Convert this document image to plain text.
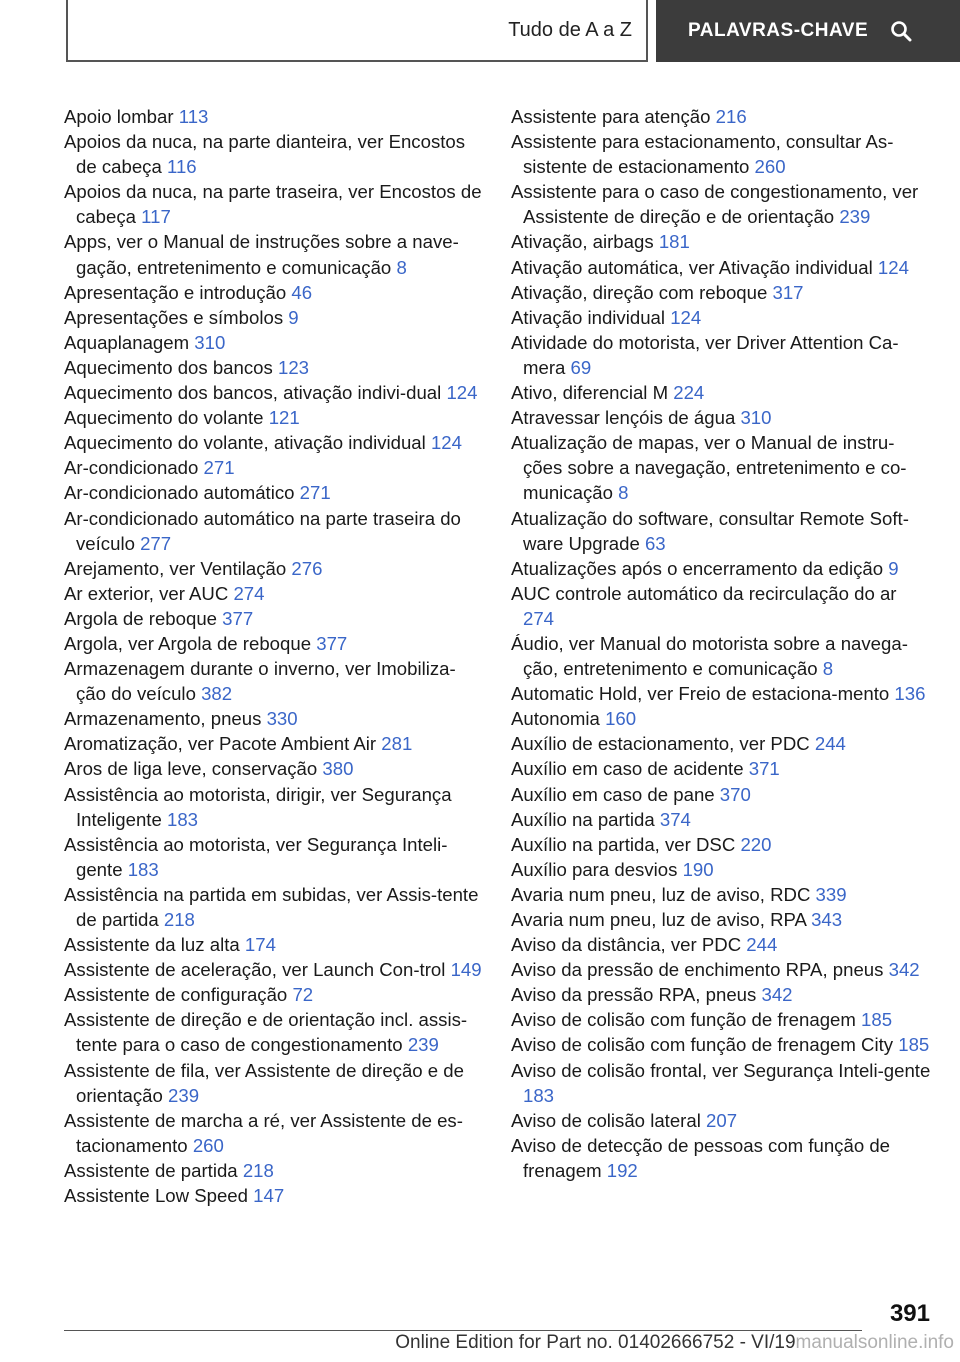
Tudo de A a Z	PALAVRAS-CHAVE
Apoio lombar 113
Apoios da nuca, na parte dianteira, ver Encostos de cabeça 116
Apoios da nuca, na parte traseira, ver Encostos de cabeça 117
Apps, ver o Manual de instruções sobre a nave-gação, entretenimento e comunicação 8
Apresentação e introdução 46
Apresentações e símbolos 9
Aquaplanagem 310
Aquecimento dos bancos 123
Aquecimento dos bancos, ativação indivi-dual 124
Aquecimento do volante 121
Aquecimento do volante, ativação individual 124
Ar-condicionado 271
Ar-condicionado automático 271
Ar-condicionado automático na parte traseira do veículo 277
Arejamento, ver Ventilação 276
Ar exterior, ver AUC 274
Argola de reboque 377
Argola, ver Argola de reboque 377
Armazenagem durante o inverno, ver Imobiliza-ção do veículo 382
Armazenamento, pneus 330
Aromatização, ver Pacote Ambient Air 281
Aros de liga leve, conservação 380
Assistência ao motorista, dirigir, ver Segurança Inteligente 183
Assistência ao motorista, ver Segurança Inteli-gente 183
Assistência na partida em subidas, ver Assis-tente de partida 218
Assistente da luz alta 174
Assistente de aceleração, ver Launch Con-trol 149
Assistente de configuração 72
Assistente de direção e de orientação incl. assis-tente para o caso de congestionamento 239
Assistente de fila, ver Assistente de direção e de orientação 239
Assistente de marcha a ré, ver Assistente de es-tacionamento 260
Assistente de partida 218
Assistente Low Speed 147
Assistente para atenção 216
Assistente para estacionamento, consultar As-sistente de estacionamento 260
Assistente para o caso de congestionamento, ver Assistente de direção e de orientação 239
Ativação, airbags 181
Ativação automática, ver Ativação individual 124
Ativação, direção com reboque 317
Ativação individual 124
Atividade do motorista, ver Driver Attention Ca-mera 69
Ativo, diferencial M 224
Atravessar lençóis de água 310
Atualização de mapas, ver o Manual de instru-ções sobre a navegação, entretenimento e co-municação 8
Atualização do software, consultar Remote Soft-ware Upgrade 63
Atualizações após o encerramento da edição 9
AUC controle automático da recirculação do ar 274
Áudio, ver Manual do motorista sobre a navega-ção, entretenimento e comunicação 8
Automatic Hold, ver Freio de estaciona-mento 136
Autonomia 160
Auxílio de estacionamento, ver PDC 244
Auxílio em caso de acidente 371
Auxílio em caso de pane 370
Auxílio na partida 374
Auxílio na partida, ver DSC 220
Auxílio para desvios 190
Avaria num pneu, luz de aviso, RDC 339
Avaria num pneu, luz de aviso, RPA 343
Aviso da distância, ver PDC 244
Aviso da pressão de enchimento RPA, pneus 342
Aviso da pressão RPA, pneus 342
Aviso de colisão com função de frenagem 185
Aviso de colisão com função de frenagem City 185
Aviso de colisão frontal, ver Segurança Inteli-gente 183
Aviso de colisão lateral 207
Aviso de detecção de pessoas com função de frenagem 192
391
Online Edition for Part no. 01402666752 - VI/19manualsonline.info
